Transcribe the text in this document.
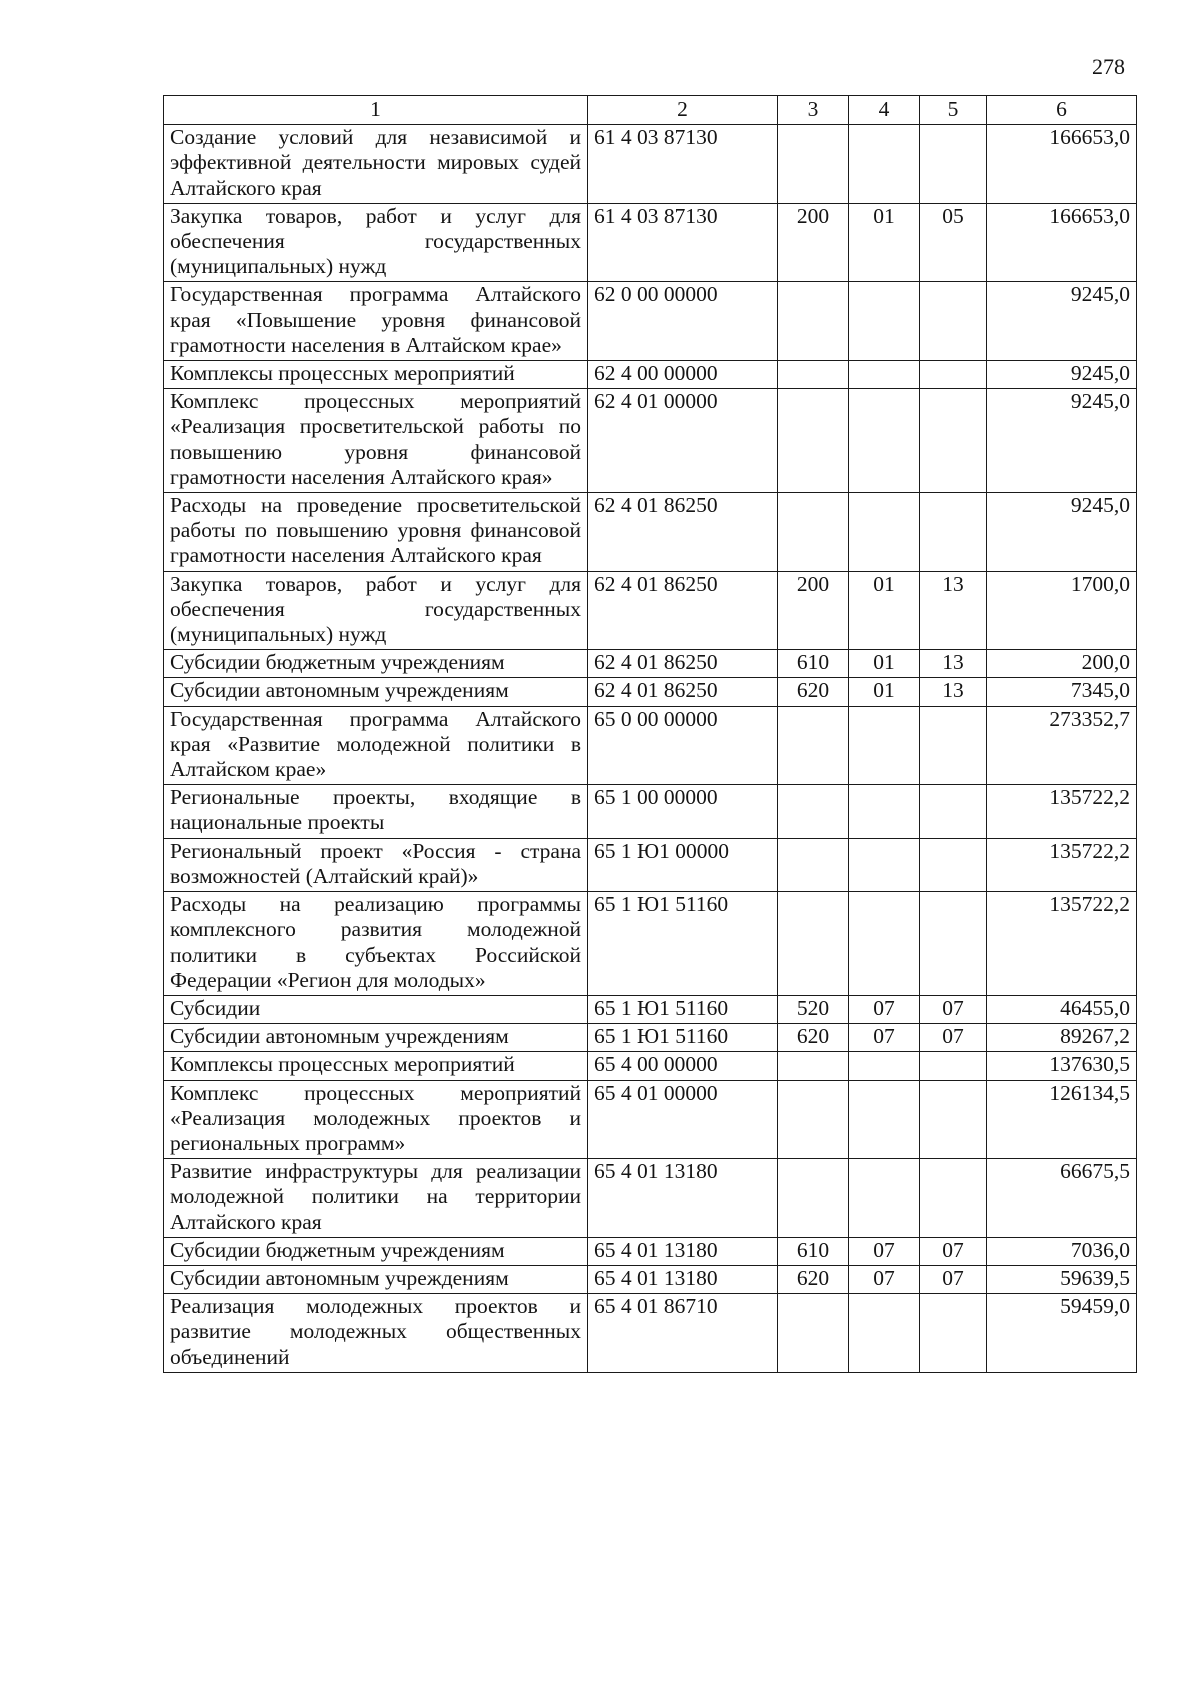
278
1	2	3	4	5	6
Создание условий для независимой и эффективной деятельности мировых судей Алтайского края	61 4 03 87130				166653,0
Закупка товаров, работ и услуг для обеспечения государственных (муниципальных) нужд	61 4 03 87130	200	01	05	166653,0
Государственная программа Алтайского края «Повышение уровня финансовой грамотности населения в Алтайском крае»	62 0 00 00000				9245,0
Комплексы процессных мероприятий	62 4 00 00000				9245,0
Комплекс процессных мероприятий «Реализация просветительской работы по повышению уровня финансовой грамотности населения Алтайского края»	62 4 01 00000				9245,0
Расходы на проведение просветительской работы по повышению уровня финансовой грамотности населения Алтайского края	62 4 01 86250				9245,0
Закупка товаров, работ и услуг для обеспечения государственных (муниципальных) нужд	62 4 01 86250	200	01	13	1700,0
Субсидии бюджетным учреждениям	62 4 01 86250	610	01	13	200,0
Субсидии автономным учреждениям	62 4 01 86250	620	01	13	7345,0
Государственная программа Алтайского края «Развитие молодежной политики в Алтайском крае»	65 0 00 00000				273352,7
Региональные проекты, входящие в национальные проекты	65 1 00 00000				135722,2
Региональный проект «Россия - страна возможностей (Алтайский край)»	65 1 Ю1 00000				135722,2
Расходы на реализацию программы комплексного развития молодежной политики в субъектах Российской Федерации «Регион для молодых»	65 1 Ю1 51160				135722,2
Субсидии	65 1 Ю1 51160	520	07	07	46455,0
Субсидии автономным учреждениям	65 1 Ю1 51160	620	07	07	89267,2
Комплексы процессных мероприятий	65 4 00 00000				137630,5
Комплекс процессных мероприятий «Реализация молодежных проектов и региональных программ»	65 4 01 00000				126134,5
Развитие инфраструктуры для реализации молодежной политики на территории Алтайского края	65 4 01 13180				66675,5
Субсидии бюджетным учреждениям	65 4 01 13180	610	07	07	7036,0
Субсидии автономным учреждениям	65 4 01 13180	620	07	07	59639,5
Реализация молодежных проектов и развитие молодежных общественных объединений	65 4 01 86710				59459,0
